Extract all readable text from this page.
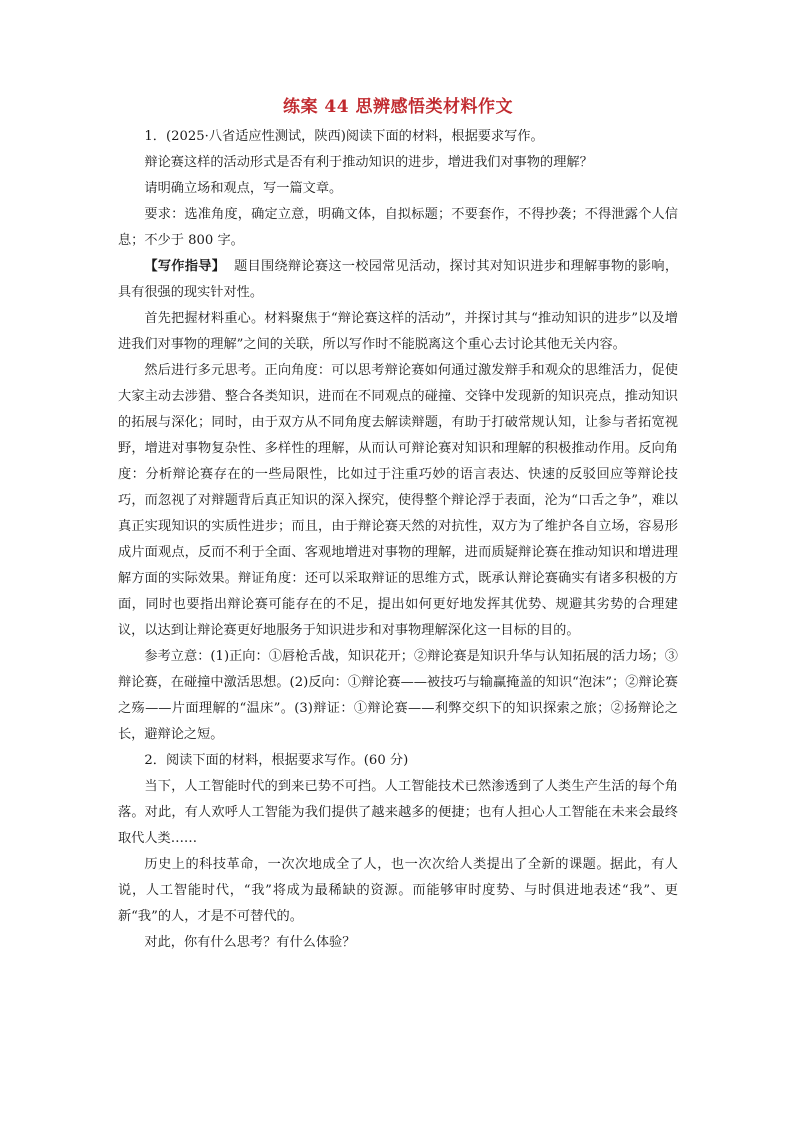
练案 44 思辨感悟类材料作文

1．(2025·八省适应性测试，陕西)阅读下面的材料，根据要求写作。

辩论赛这样的活动形式是否有利于推动知识的进步，增进我们对事物的理解？

请明确立场和观点，写一篇文章。

要求：选准角度，确定立意，明确文体，自拟标题；不要套作，不得抄袭；不得泄露个人信息；不少于 800 字。

【写作指导】 题目围绕辩论赛这一校园常见活动，探讨其对知识进步和理解事物的影响，具有很强的现实针对性。

首先把握材料重心。材料聚焦于“辩论赛这样的活动”，并探讨其与“推动知识的进步”以及增进我们对事物的理解”之间的关联，所以写作时不能脱离这个重心去讨论其他无关内容。

然后进行多元思考。正向角度：可以思考辩论赛如何通过激发辩手和观众的思维活力，促使大家主动去涉猎、整合各类知识，进而在不同观点的碰撞、交锋中发现新的知识亮点，推动知识的拓展与深化；同时，由于双方从不同角度去解读辩题，有助于打破常规认知，让参与者拓宽视野，增进对事物复杂性、多样性的理解，从而认可辩论赛对知识和理解的积极推动作用。反向角度：分析辩论赛存在的一些局限性，比如过于注重巧妙的语言表达、快速的反驳回应等辩论技巧，而忽视了对辩题背后真正知识的深入探究，使得整个辩论浮于表面，沦为“口舌之争”，难以真正实现知识的实质性进步；而且，由于辩论赛天然的对抗性，双方为了维护各自立场，容易形成片面观点，反而不利于全面、客观地增进对事物的理解，进而质疑辩论赛在推动知识和增进理解方面的实际效果。辩证角度：还可以采取辩证的思维方式，既承认辩论赛确实有诸多积极的方面，同时也要指出辩论赛可能存在的不足，提出如何更好地发挥其优势、规避其劣势的合理建议，以达到让辩论赛更好地服务于知识进步和对事物理解深化这一目标的目的。

参考立意：(1)正向：①唇枪舌战，知识花开；②辩论赛是知识升华与认知拓展的活力场；③辩论赛，在碰撞中激活思想。(2)反向：①辩论赛——被技巧与输赢掩盖的知识“泡沫”；②辩论赛之殇——片面理解的“温床”。(3)辩证：①辩论赛——利弊交织下的知识探索之旅；②扬辩论之长，避辩论之短。

2．阅读下面的材料，根据要求写作。(60 分)

当下，人工智能时代的到来已势不可挡。人工智能技术已然渗透到了人类生产生活的每个角落。对此，有人欢呼人工智能为我们提供了越来越多的便捷；也有人担心人工智能在未来会最终取代人类……

历史上的科技革命，一次次地成全了人，也一次次给人类提出了全新的课题。据此，有人说，人工智能时代，“我”将成为最稀缺的资源。而能够审时度势、与时俱进地表述“我”、更新“我”的人，才是不可替代的。

对此，你有什么思考？有什么体验？
